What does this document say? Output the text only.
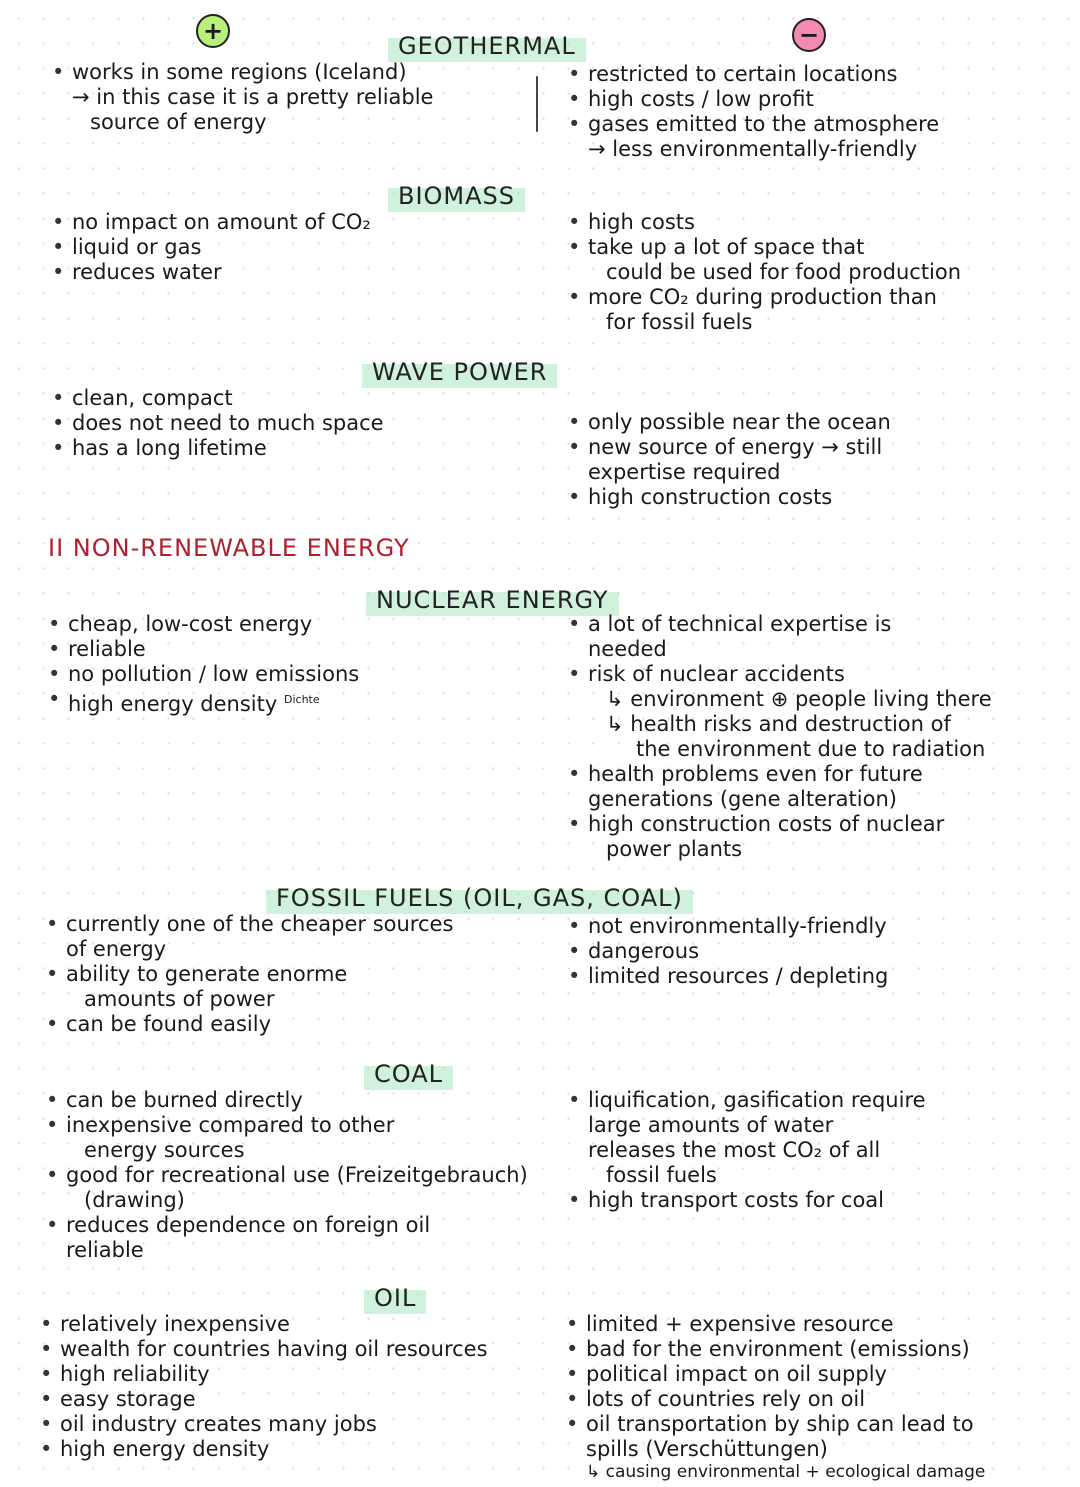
+	−
GEOTHERMAL
• works in some regions (Iceland)
→ in this case it is a pretty reliable
source of energy
• restricted to certain locations
• high costs / low profit
• gases emitted to the atmosphere
→ less environmentally-friendly
BIOMASS
• no impact on amount of CO₂
• liquid or gas
• reduces water
• high costs
• take up a lot of space that
could be used for food production
• more CO₂ during production than
for fossil fuels
WAVE POWER
• clean, compact
• does not need to much space
• has a long lifetime
• only possible near the ocean
• new source of energy → still
expertise required
• high construction costs
II NON-RENEWABLE ENERGY
NUCLEAR ENERGY
• cheap, low-cost energy
• reliable
• no pollution / low emissions
• high energy density $^{Dichte}$
• a lot of technical expertise is
needed
• risk of nuclear accidents
↳ environment ⊕ people living there
↳ health risks and destruction of
the environment due to radiation
• health problems even for future
generations (gene alteration)
• high construction costs of nuclear
power plants
FOSSIL FUELS (OIL, GAS, COAL)
• currently one of the cheaper sources
of energy
• ability to generate enorme
amounts of power
• can be found easily
• not environmentally-friendly
• dangerous
• limited resources / depleting
COAL
• can be burned directly
• inexpensive compared to other
energy sources
• good for recreational use (Freizeitgebrauch)
(drawing)
• reduces dependence on foreign oil
reliable
• liquification, gasification require
large amounts of water
releases the most CO₂ of all
fossil fuels
• high transport costs for coal
OIL
• relatively inexpensive
• wealth for countries having oil resources
• high reliability
• easy storage
• oil industry creates many jobs
• high energy density
• limited + expensive resource
• bad for the environment (emissions)
• political impact on oil supply
• lots of countries rely on oil
• oil transportation by ship can lead to
spills (Verschüttungen)
↳ causing environmental + ecological damage
